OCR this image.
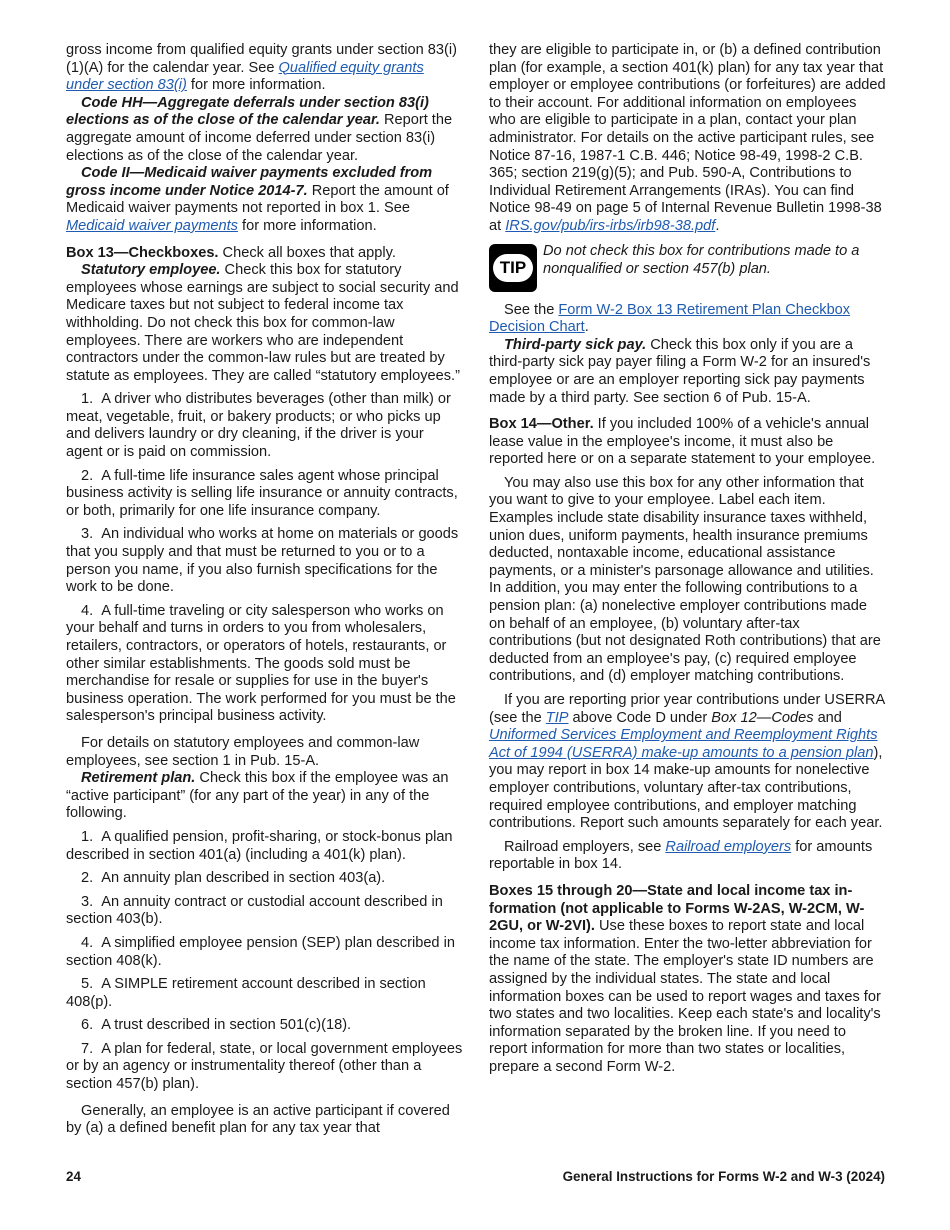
gross income from qualified equity grants under section 83(i)(1)(A) for the calendar year. See Qualified equity grants under section 83(i) for more information.

Code HH—Aggregate deferrals under section 83(i) elections as of the close of the calendar year. Report the aggregate amount of income deferred under section 83(i) elections as of the close of the calendar year.

Code II—Medicaid waiver payments excluded from gross income under Notice 2014-7. Report the amount of Medicaid waiver payments not reported in box 1. See Medicaid waiver payments for more information.

Box 13—Checkboxes. Check all boxes that apply.

Statutory employee. Check this box for statutory employees whose earnings are subject to social security and Medicare taxes but not subject to federal income tax withholding. Do not check this box for common-law employees. There are workers who are independent contractors under the common-law rules but are treated by statute as employees. They are called “statutory employees.”

1.  A driver who distributes beverages (other than milk) or meat, vegetable, fruit, or bakery products; or who picks up and delivers laundry or dry cleaning, if the driver is your agent or is paid on commission.

2.  A full-time life insurance sales agent whose principal business activity is selling life insurance or annuity contracts, or both, primarily for one life insurance company.

3.  An individual who works at home on materials or goods that you supply and that must be returned to you or to a person you name, if you also furnish specifications for the work to be done.

4.  A full-time traveling or city salesperson who works on your behalf and turns in orders to you from wholesalers, retailers, contractors, or operators of hotels, restaurants, or other similar establishments. The goods sold must be merchandise for resale or supplies for use in the buyer's business operation. The work performed for you must be the salesperson's principal business activity.

For details on statutory employees and common-law employees, see section 1 in Pub. 15-A.

Retirement plan. Check this box if the employee was an “active participant” (for any part of the year) in any of the following.

1.  A qualified pension, profit-sharing, or stock-bonus plan described in section 401(a) (including a 401(k) plan).

2.  An annuity plan described in section 403(a).

3.  An annuity contract or custodial account described in section 403(b).

4.  A simplified employee pension (SEP) plan described in section 408(k).

5.  A SIMPLE retirement account described in section 408(p).

6.  A trust described in section 501(c)(18).

7.  A plan for federal, state, or local government employees or by an agency or instrumentality thereof (other than a section 457(b) plan).

Generally, an employee is an active participant if covered by (a) a defined benefit plan for any tax year that

they are eligible to participate in, or (b) a defined contribution plan (for example, a section 401(k) plan) for any tax year that employer or employee contributions (or forfeitures) are added to their account. For additional information on employees who are eligible to participate in a plan, contact your plan administrator. For details on the active participant rules, see Notice 87-16, 1987-1 C.B. 446; Notice 98-49, 1998-2 C.B. 365; section 219(g)(5); and Pub. 590-A, Contributions to Individual Retirement Arrangements (IRAs). You can find Notice 98-49 on page 5 of Internal Revenue Bulletin 1998-38 at IRS.gov/pub/irs-irbs/irb98-38.pdf.

TIP

Do not check this box for contributions made to a nonqualified or section 457(b) plan.

See the Form W-2 Box 13 Retirement Plan Checkbox Decision Chart.

Third-party sick pay. Check this box only if you are a third-party sick pay payer filing a Form W-2 for an insured's employee or are an employer reporting sick pay payments made by a third party. See section 6 of Pub. 15-A.

Box 14—Other. If you included 100% of a vehicle's annual lease value in the employee's income, it must also be reported here or on a separate statement to your employee.

You may also use this box for any other information that you want to give to your employee. Label each item. Examples include state disability insurance taxes withheld, union dues, uniform payments, health insurance premiums deducted, nontaxable income, educational assistance payments, or a minister's parsonage allowance and utilities. In addition, you may enter the following contributions to a pension plan: (a) nonelective employer contributions made on behalf of an employee, (b) voluntary after-tax contributions (but not designated Roth contributions) that are deducted from an employee's pay, (c) required employee contributions, and (d) employer matching contributions.

If you are reporting prior year contributions under USERRA (see the TIP above Code D under Box 12—Codes and Uniformed Services Employment and Reemployment Rights Act of 1994 (USERRA) make-up amounts to a pension plan), you may report in box 14 make-up amounts for nonelective employer contributions, voluntary after-tax contributions, required employee contributions, and employer matching contributions. Report such amounts separately for each year.

Railroad employers, see Railroad employers for amounts reportable in box 14.

Boxes 15 through 20—State and local income tax in-formation (not applicable to Forms W-2AS, W-2CM, W-2GU, or W-2VI). Use these boxes to report state and local income tax information. Enter the two-letter abbreviation for the name of the state. The employer's state ID numbers are assigned by the individual states. The state and local information boxes can be used to report wages and taxes for two states and two localities. Keep each state's and locality's information separated by the broken line. If you need to report information for more than two states or localities, prepare a second Form W-2.

24	General Instructions for Forms W-2 and W-3 (2024)
